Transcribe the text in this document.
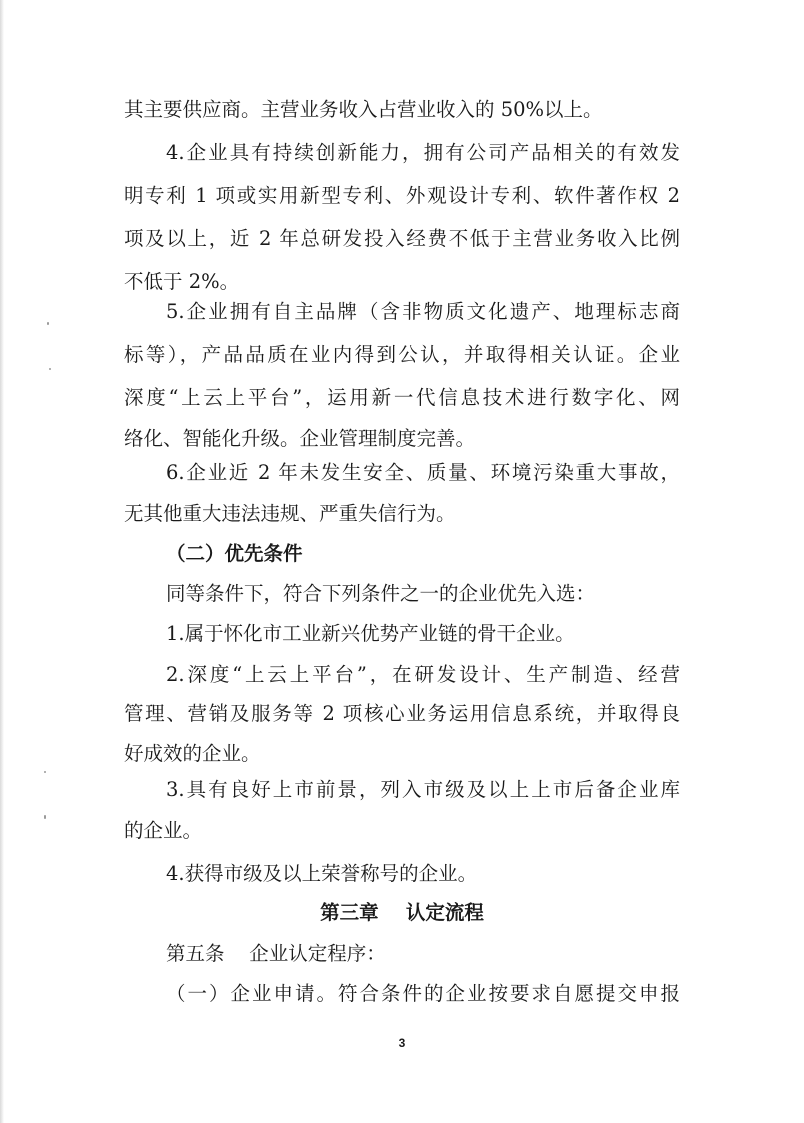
其主要供应商。主营业务收入占营业收入的 50%以上。
4.企业具有持续创新能力，拥有公司产品相关的有效发
明专利 1 项或实用新型专利、外观设计专利、软件著作权 2
项及以上，近 2 年总研发投入经费不低于主营业务收入比例
不低于 2%。
5.企业拥有自主品牌（含非物质文化遗产、地理标志商
标等），产品品质在业内得到公认，并取得相关认证。企业
深度“上云上平台”，运用新一代信息技术进行数字化、网
络化、智能化升级。企业管理制度完善。
6.企业近 2 年未发生安全、质量、环境污染重大事故，
无其他重大违法违规、严重失信行为。
（二）优先条件
同等条件下，符合下列条件之一的企业优先入选：
1.属于怀化市工业新兴优势产业链的骨干企业。
2.深度“上云上平台”，在研发设计、生产制造、经营
管理、营销及服务等 2 项核心业务运用信息系统，并取得良
好成效的企业。
3.具有良好上市前景，列入市级及以上上市后备企业库
的企业。
4.获得市级及以上荣誉称号的企业。
第三章    认定流程
第五条    企业认定程序：
（一）企业申请。符合条件的企业按要求自愿提交申报
3
